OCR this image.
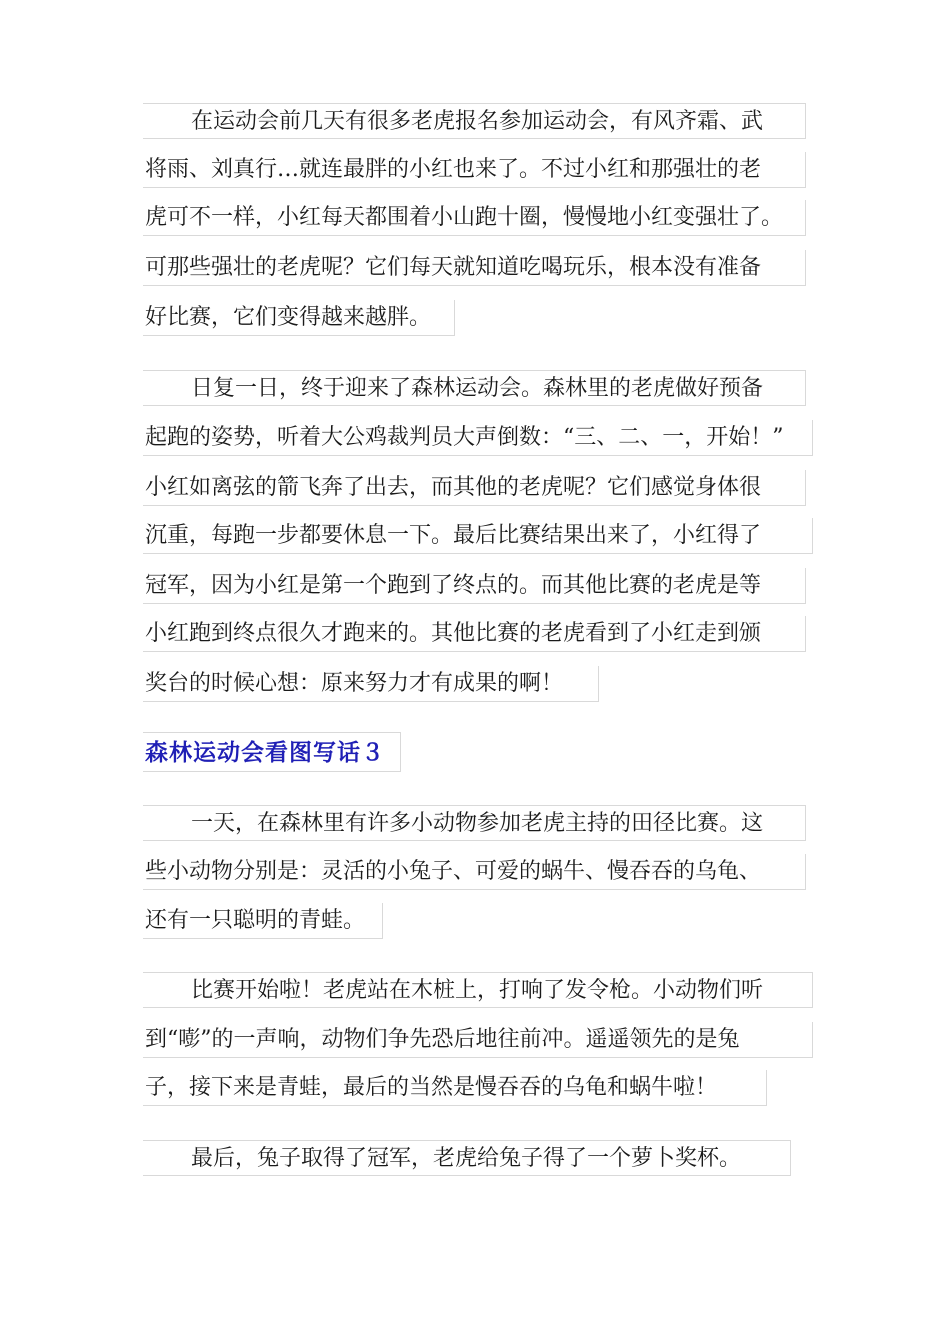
在运动会前几天有很多老虎报名参加运动会，有风齐霜、武
将雨、刘真行…就连最胖的小红也来了。不过小红和那强壮的老
虎可不一样，小红每天都围着小山跑十圈，慢慢地小红变强壮了。
可那些强壮的老虎呢？它们每天就知道吃喝玩乐，根本没有准备
好比赛，它们变得越来越胖。
日复一日，终于迎来了森林运动会。森林里的老虎做好预备
起跑的姿势，听着大公鸡裁判员大声倒数：“三、二、一，开始！”
小红如离弦的箭飞奔了出去，而其他的老虎呢？它们感觉身体很
沉重，每跑一步都要休息一下。最后比赛结果出来了，小红得了
冠军，因为小红是第一个跑到了终点的。而其他比赛的老虎是等
小红跑到终点很久才跑来的。其他比赛的老虎看到了小红走到颁
奖台的时候心想：原来努力才有成果的啊！
森林运动会看图写话３
一天，在森林里有许多小动物参加老虎主持的田径比赛。这
些小动物分别是：灵活的小兔子、可爱的蜗牛、慢吞吞的乌龟、
还有一只聪明的青蛙。
比赛开始啦！老虎站在木桩上，打响了发令枪。小动物们听
到“嘭”的一声响，动物们争先恐后地往前冲。遥遥领先的是兔
子，接下来是青蛙，最后的当然是慢吞吞的乌龟和蜗牛啦！
最后，兔子取得了冠军，老虎给兔子得了一个萝卜奖杯。
